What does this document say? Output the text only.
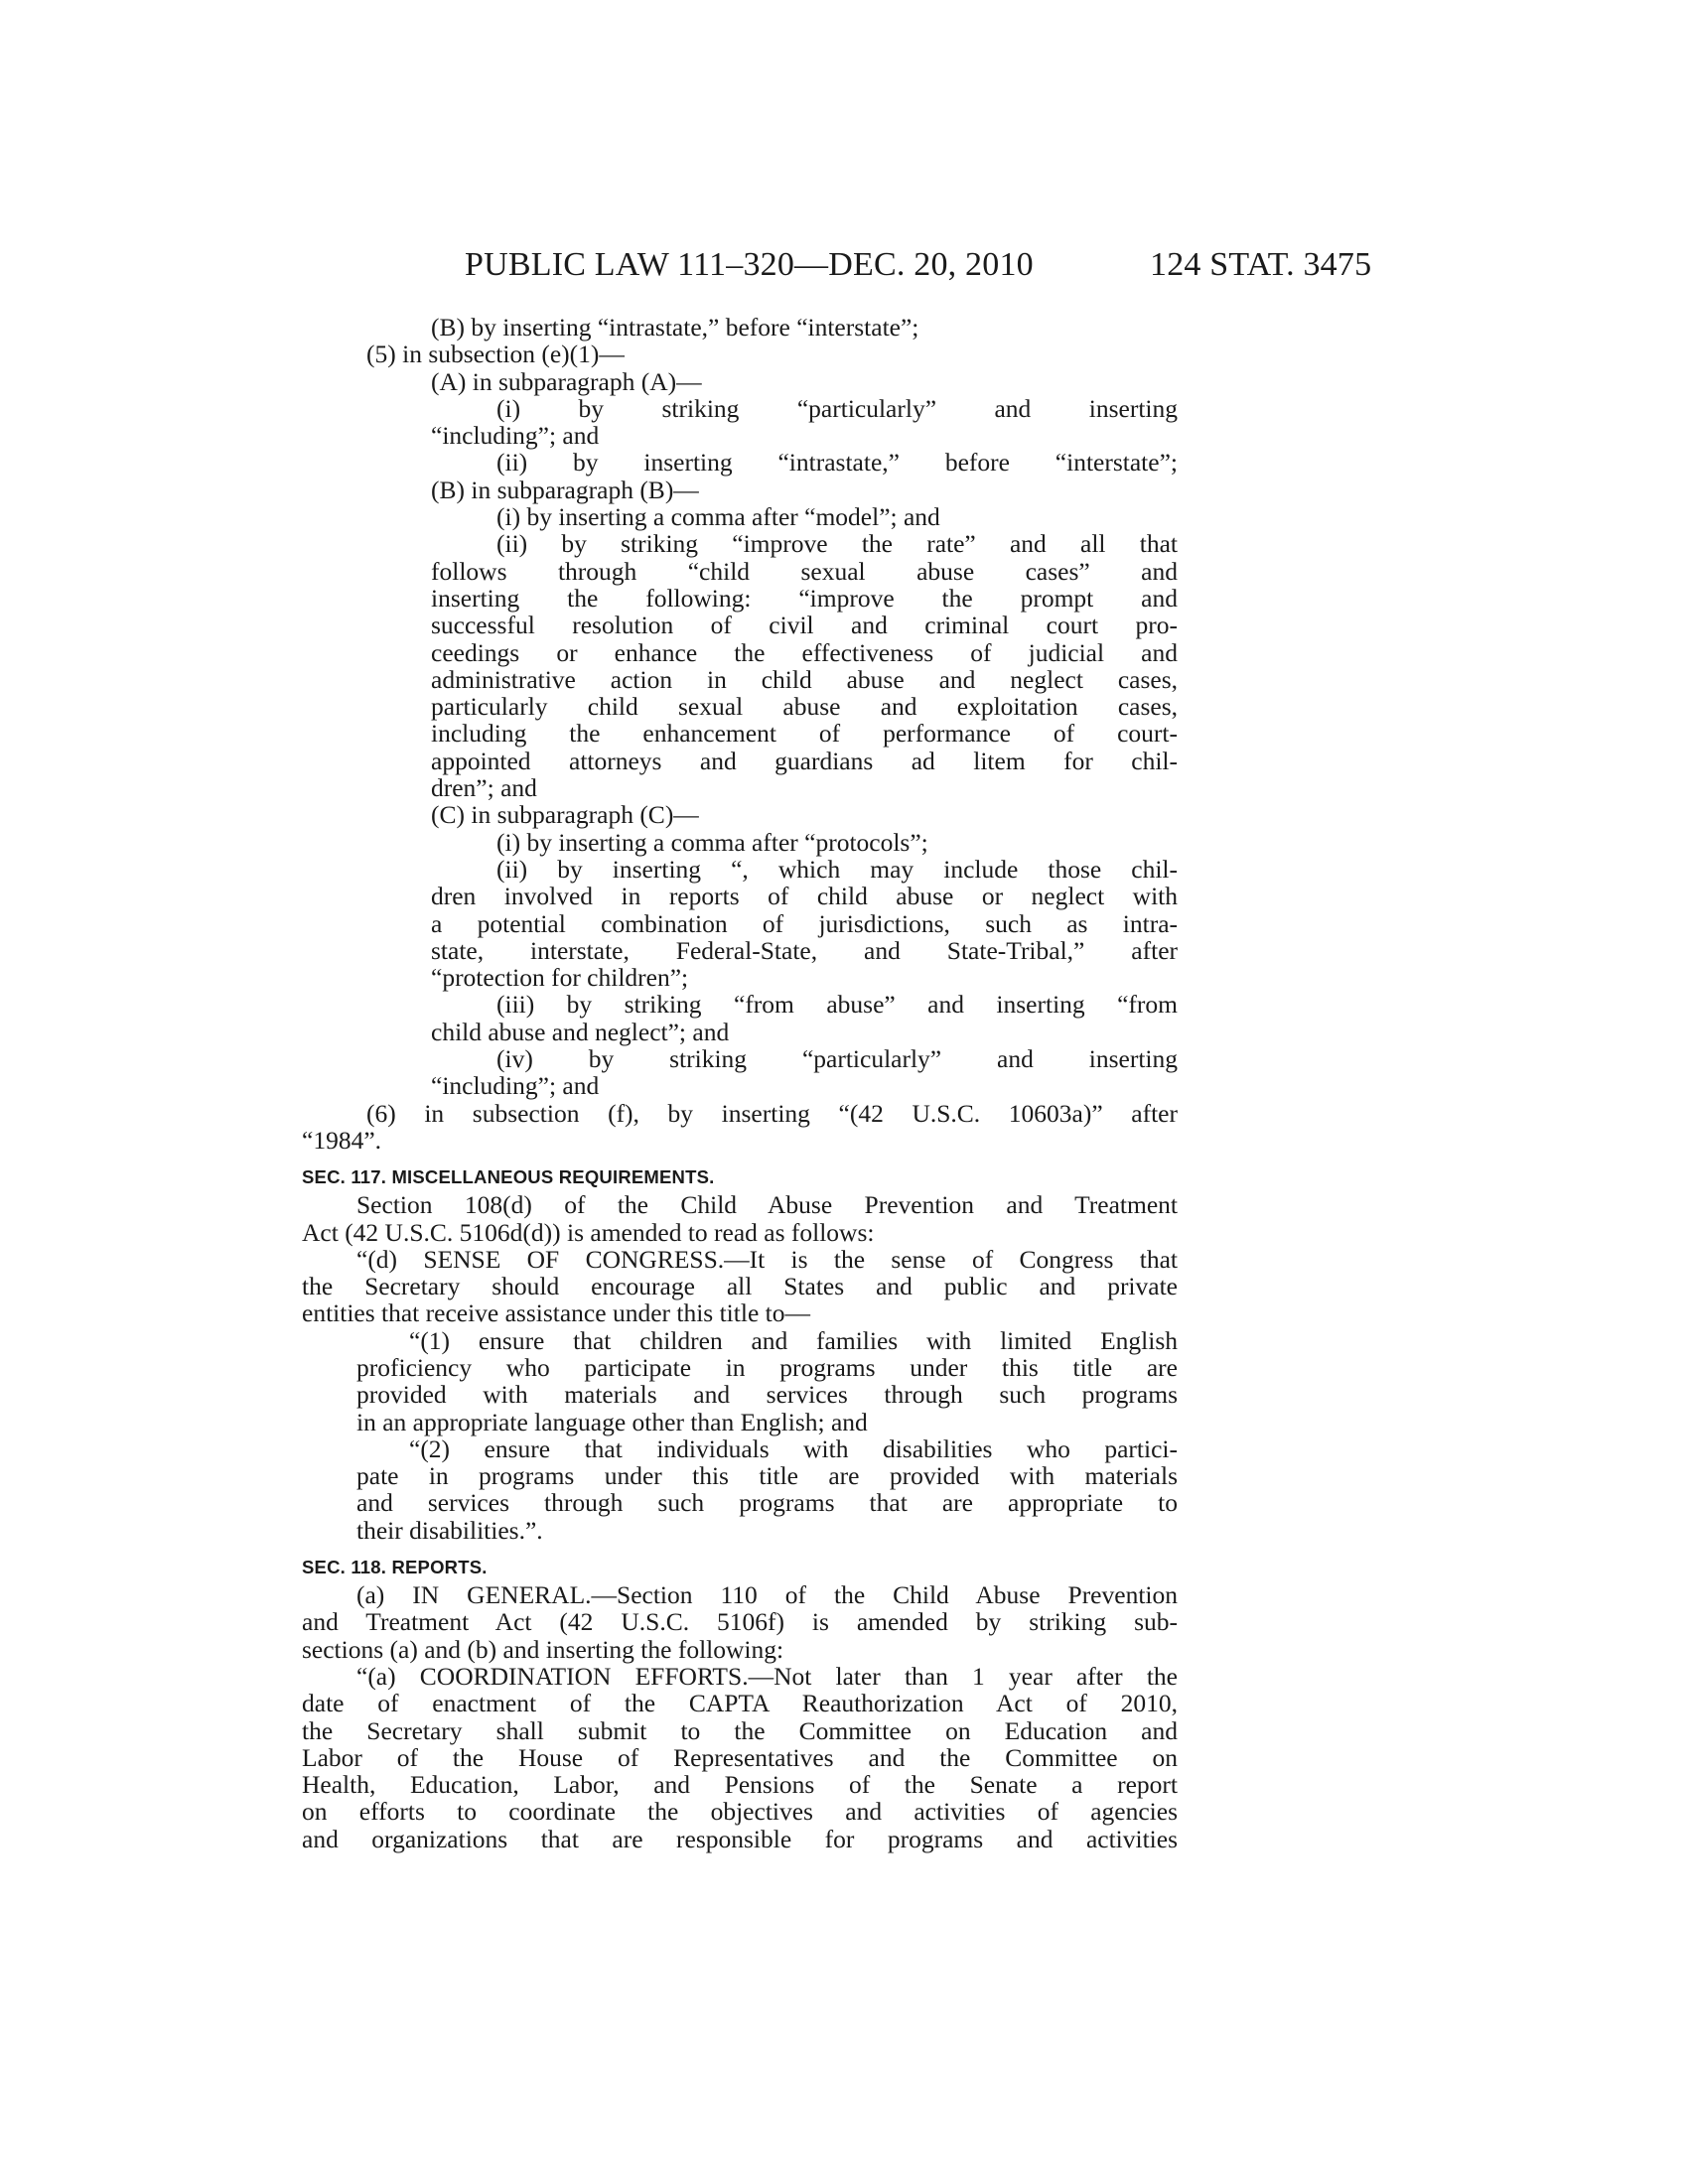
PUBLIC LAW 111–320—DEC. 20, 2010	124 STAT. 3475
(B) by inserting “intrastate,” before “interstate”;
(5) in subsection (e)(1)—
(A) in subparagraph (A)—
(i) by striking “particularly” and inserting
“including”; and
(ii) by inserting “intrastate,” before “interstate”;
(B) in subparagraph (B)—
(i) by inserting a comma after “model”; and
(ii) by striking “improve the rate” and all that
follows through “child sexual abuse cases” and
inserting the following: “improve the prompt and
successful resolution of civil and criminal court pro-
ceedings or enhance the effectiveness of judicial and
administrative action in child abuse and neglect cases,
particularly child sexual abuse and exploitation cases,
including the enhancement of performance of court-
appointed attorneys and guardians ad litem for chil-
dren”; and
(C) in subparagraph (C)—
(i) by inserting a comma after “protocols”;
(ii) by inserting “, which may include those chil-
dren involved in reports of child abuse or neglect with
a potential combination of jurisdictions, such as intra-
state, interstate, Federal-State, and State-Tribal,” after
“protection for children”;
(iii) by striking “from abuse” and inserting “from
child abuse and neglect”; and
(iv) by striking “particularly” and inserting
“including”; and
(6) in subsection (f), by inserting “(42 U.S.C. 10603a)” after
“1984”.
SEC. 117. MISCELLANEOUS REQUIREMENTS.
Section 108(d) of the Child Abuse Prevention and Treatment
Act (42 U.S.C. 5106d(d)) is amended to read as follows:
“(d) SENSE OF CONGRESS.—It is the sense of Congress that
the Secretary should encourage all States and public and private
entities that receive assistance under this title to—
“(1) ensure that children and families with limited English
proficiency who participate in programs under this title are
provided with materials and services through such programs
in an appropriate language other than English; and
“(2) ensure that individuals with disabilities who partici-
pate in programs under this title are provided with materials
and services through such programs that are appropriate to
their disabilities.”.
SEC. 118. REPORTS.
(a) IN GENERAL.—Section 110 of the Child Abuse Prevention
and Treatment Act (42 U.S.C. 5106f) is amended by striking sub-
sections (a) and (b) and inserting the following:
“(a) COORDINATION EFFORTS.—Not later than 1 year after the
date of enactment of the CAPTA Reauthorization Act of 2010,
the Secretary shall submit to the Committee on Education and
Labor of the House of Representatives and the Committee on
Health, Education, Labor, and Pensions of the Senate a report
on efforts to coordinate the objectives and activities of agencies
and organizations that are responsible for programs and activities
